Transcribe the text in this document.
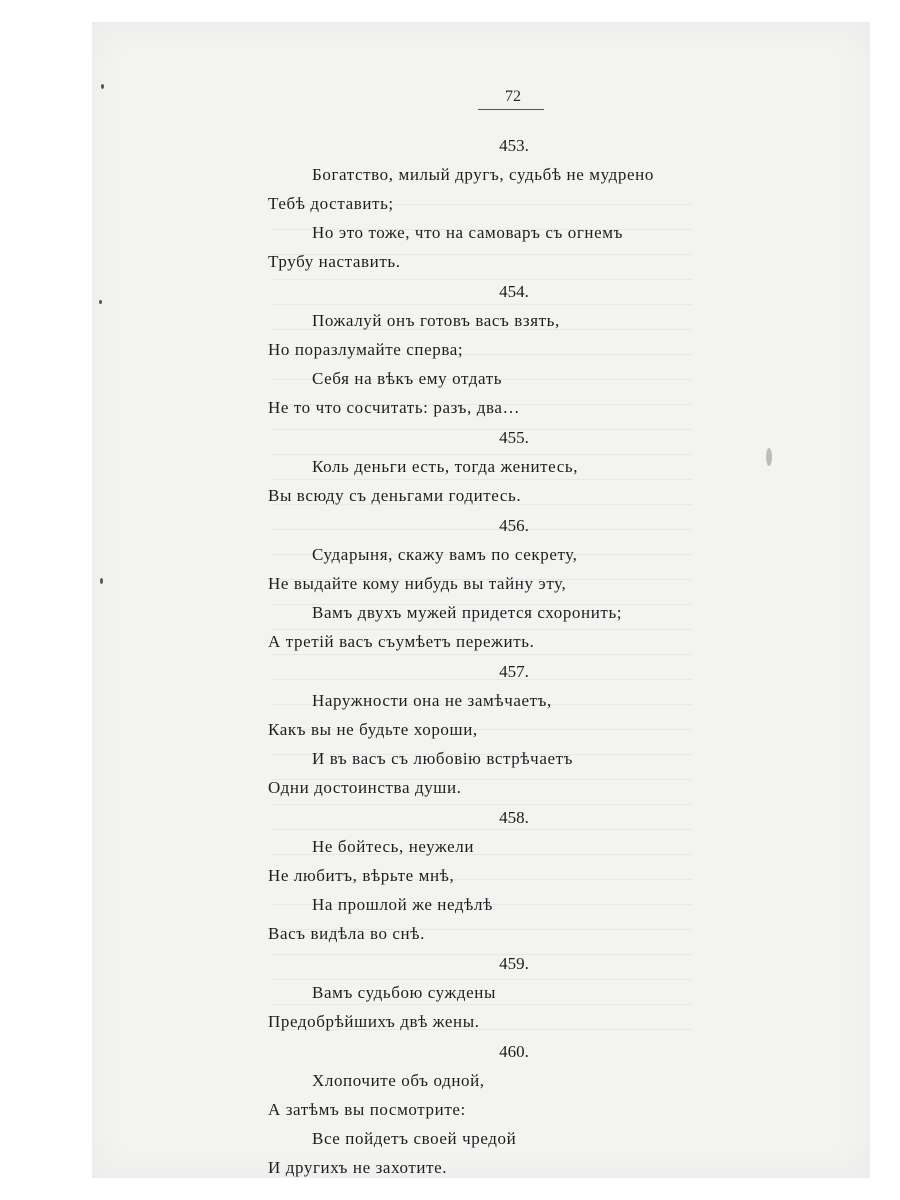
72
453.
Богатство, милый другъ, судьбѣ не мудрено
Тебѣ доставить;
Но это тоже, что на самоваръ съ огнемъ
Трубу наставить.
454.
Пожалуй онъ готовъ васъ взять,
Но поразлумайте сперва;
Себя на вѣкъ ему отдать
Не то что сосчитать: разъ, два…
455.
Коль деньги есть, тогда женитесь,
Вы всюду съ деньгами годитесь.
456.
Сударыня, скажу вамъ по секрету,
Не выдайте кому нибудь вы тайну эту,
Вамъ двухъ мужей придется схоронить;
А третій васъ съумѣетъ пережить.
457.
Наружности она не замѣчаетъ,
Какъ вы не будьте хороши,
И въ васъ съ любовію встрѣчаетъ
Одни достоинства души.
458.
Не бойтесь, неужели
Не любитъ, вѣрьте мнѣ,
На прошлой же недѣлѣ
Васъ видѣла во снѣ.
459.
Вамъ судьбою суждены
Предобрѣйшихъ двѣ жены.
460.
Хлопочите объ одной,
А затѣмъ вы посмотрите:
Все пойдетъ своей чредой
И другихъ не захотите.
